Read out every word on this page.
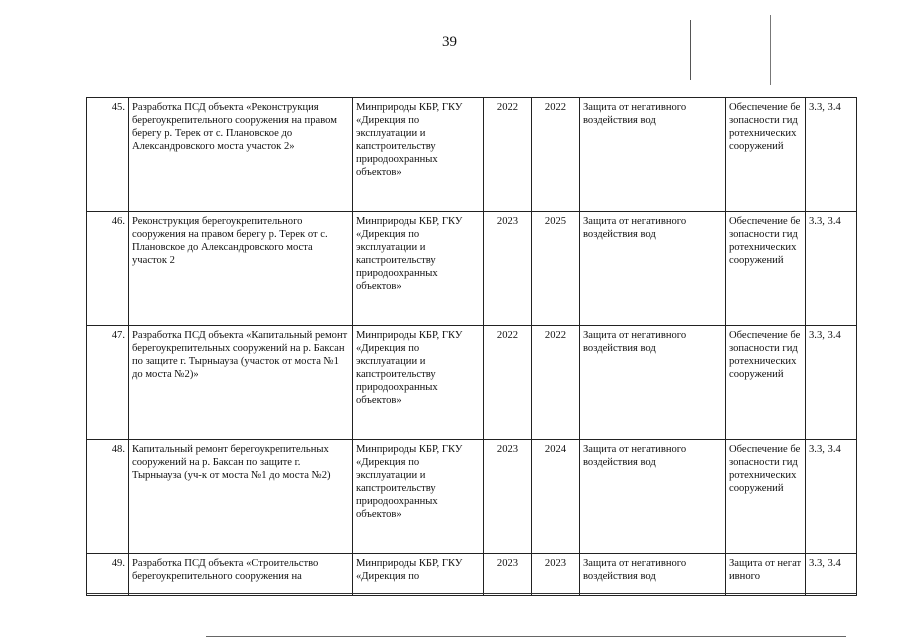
39
45.	Разработка ПСД объекта «Реконструкция берегоукрепительного сооружения на правом берегу р. Терек от с. Плановское до Александровского моста участок 2»	Минприроды КБР, ГКУ «Дирекция по эксплуатации и капстроительству природоохранных объектов»	2022	2022	Защита от негативного воздействия вод	Обеспечение безопасности гидротехнических сооружений	3.3, 3.4
46.	Реконструкция берегоукрепительного сооружения на правом берегу р. Терек от с. Плановское до Александровского моста участок 2	Минприроды КБР, ГКУ «Дирекция по эксплуатации и капстроительству природоохранных объектов»	2023	2025	Защита от негативного воздействия вод	Обеспечение безопасности гидротехнических сооружений	3.3, 3.4
47.	Разработка ПСД объекта «Капитальный ремонт берегоукрепительных сооружений на р. Баксан по защите г. Тырныауза (участок от моста №1 до моста №2)»	Минприроды КБР, ГКУ «Дирекция по эксплуатации и капстроительству природоохранных объектов»	2022	2022	Защита от негативного воздействия вод	Обеспечение безопасности гидротехнических сооружений	3.3, 3.4
48.	Капитальный ремонт берегоукрепительных сооружений на р. Баксан по защите г. Тырныауза (уч-к от моста №1 до моста №2)	Минприроды КБР, ГКУ «Дирекция по эксплуатации и капстроительству природоохранных объектов»	2023	2024	Защита от негативного воздействия вод	Обеспечение безопасности гидротехнических сооружений	3.3, 3.4
49.	Разработка ПСД объекта «Строительство берегоукрепительного сооружения на	Минприроды КБР, ГКУ «Дирекция по	2023	2023	Защита от негативного воздействия вод	Защита от негативного	3.3, 3.4
